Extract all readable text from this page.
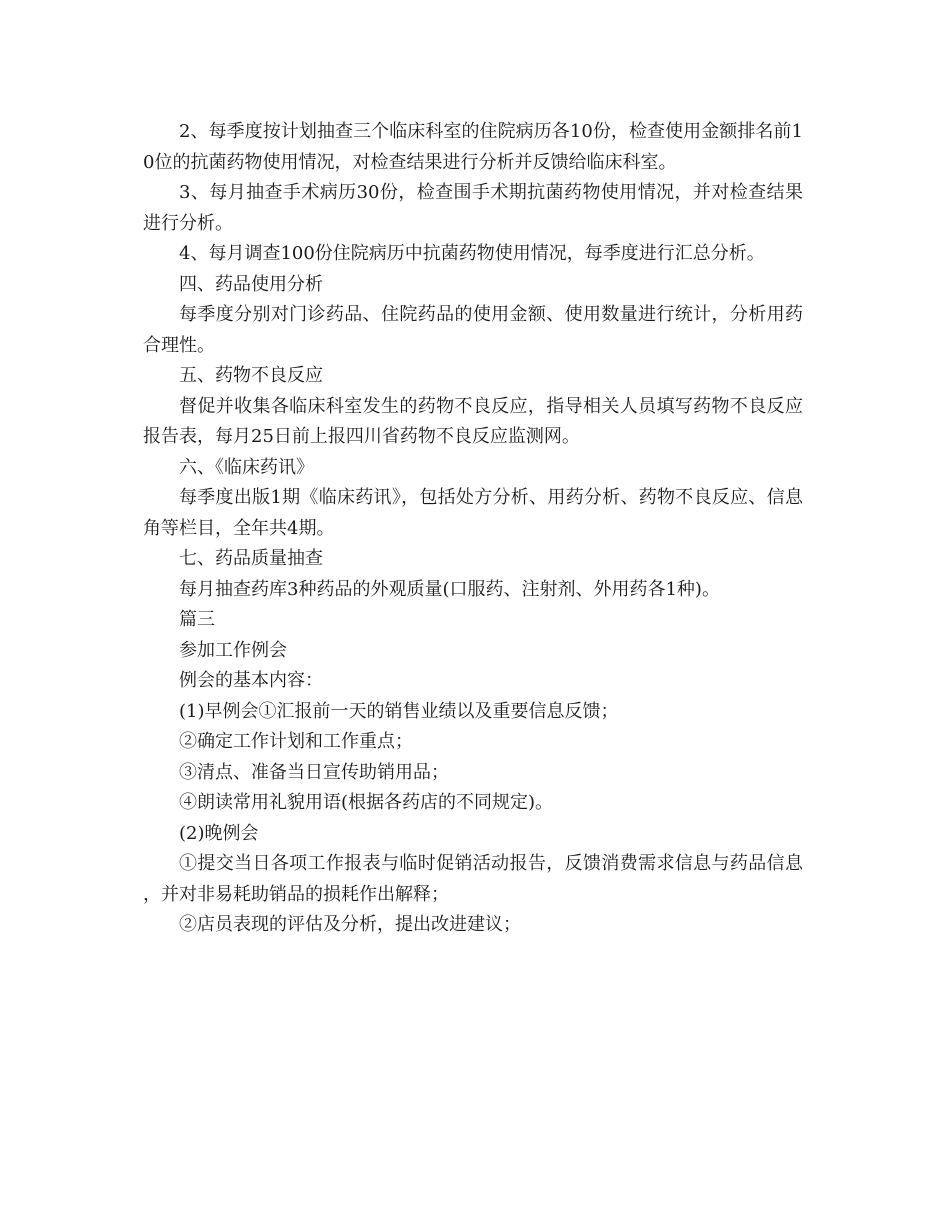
2、每季度按计划抽查三个临床科室的住院病历各10份，检查使用金额排名前10位的抗菌药物使用情况，对检查结果进行分析并反馈给临床科室。

3、每月抽查手术病历30份，检查围手术期抗菌药物使用情况，并对检查结果进行分析。

4、每月调查100份住院病历中抗菌药物使用情况，每季度进行汇总分析。

四、药品使用分析

每季度分别对门诊药品、住院药品的使用金额、使用数量进行统计，分析用药合理性。

五、药物不良反应

督促并收集各临床科室发生的药物不良反应，指导相关人员填写药物不良反应报告表，每月25日前上报四川省药物不良反应监测网。

六、《临床药讯》

每季度出版1期《临床药讯》，包括处方分析、用药分析、药物不良反应、信息角等栏目，全年共4期。

七、药品质量抽查

每月抽查药库3种药品的外观质量(口服药、注射剂、外用药各1种)。

篇三

参加工作例会

例会的基本内容：

(1)早例会①汇报前一天的销售业绩以及重要信息反馈；

②确定工作计划和工作重点；

③清点、准备当日宣传助销用品；

④朗读常用礼貌用语(根据各药店的不同规定)。

(2)晚例会

①提交当日各项工作报表与临时促销活动报告，反馈消费需求信息与药品信息，并对非易耗助销品的损耗作出解释；

②店员表现的评估及分析，提出改进建议；
